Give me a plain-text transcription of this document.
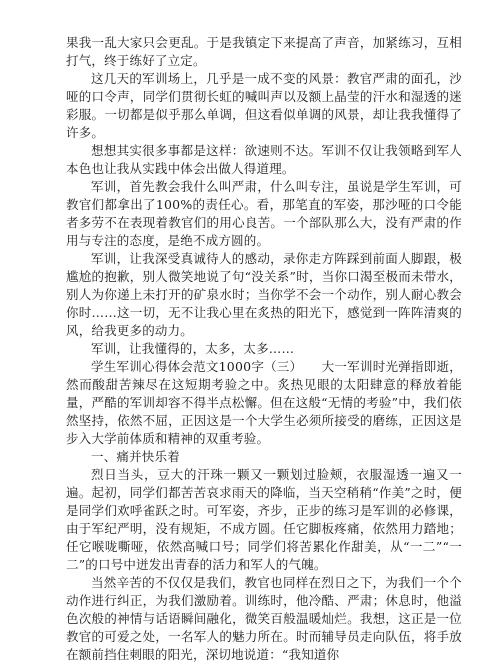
果我一乱大家只会更乱。于是我镇定下来提高了声音，加紧练习，互相打气，终于练好了立定。

这几天的军训场上，几乎是一成不变的风景：教官严肃的面孔，沙哑的口令声，同学们贯彻长虹的喊叫声以及额上晶莹的汗水和湿透的迷彩服。一切都是似乎那么单调，但这看似单调的风景，却让我我懂得了许多。

想想其实很多事都是这样：欲速则不达。军训不仅让我领略到军人本色也让我从实践中体会出做人得道理。

军训，首先教会我什么叫严肃，什么叫专注，虽说是学生军训，可教官们都拿出了100%的责任心。看，那笔直的军姿，那沙哑的口令能者多劳不在表现着教官们的用心良苦。一个部队那么大，没有严肃的作用与专注的态度，是绝不成方圆的。

军训，让我深受真诚待人的感动，录你走方阵踩到前面人脚跟，极尴尬的抱歉，别人微笑地说了句“没关系”时，当你口渴至极而未带水，别人为你递上未打开的矿泉水时；当你学不会一个动作，别人耐心教会你时……这一切，无不让我心里在炙热的阳光下，感觉到一阵阵清爽的风，给我更多的动力。

军训，让我懂得的，太多，太多……

学生军训心得体会范文1000字（三）　　大一军训时光弹指即逝，然而酸甜苦辣尽在这短期考验之中。炙热见眼的太阳肆意的释放着能量，严酷的军训却容不得半点松懈。但在这般“无情的考验”中，我们依然坚持，依然不屈，正因这是一个大学生必须所接受的磨练，正因这是步入大学前体质和精神的双重考验。

一、痛并快乐着

烈日当头，豆大的汗珠一颗又一颗划过脸颊，衣服湿透一遍又一遍。起初，同学们都苦苦哀求雨天的降临，当天空稍稍“作美”之时，便是同学们欢呼雀跃之时。可军姿，齐步，正步的练习是军训的必修课，由于军纪严明，没有规矩，不成方圆。任它脚板疼痛，依然用力踏地；任它喉咙嘶哑，依然高喊口号；同学们将苦累化作甜美，从“一二”“一二”的口号中迸发出青春的活力和军人的气魄。

当然辛苦的不仅仅是我们，教官也同样在烈日之下，为我们一个个动作进行纠正，为我们激励着。训练时，他冷酷、严肃；休息时，他溢色次般的神情与话语瞬间融化，微笑百般温暖灿烂。我想，这正是一位教官的可爱之处，一名军人的魅力所在。时而辅导员走向队伍，将手放在额前挡住刺眼的阳光，深切地说道：“我知道你
